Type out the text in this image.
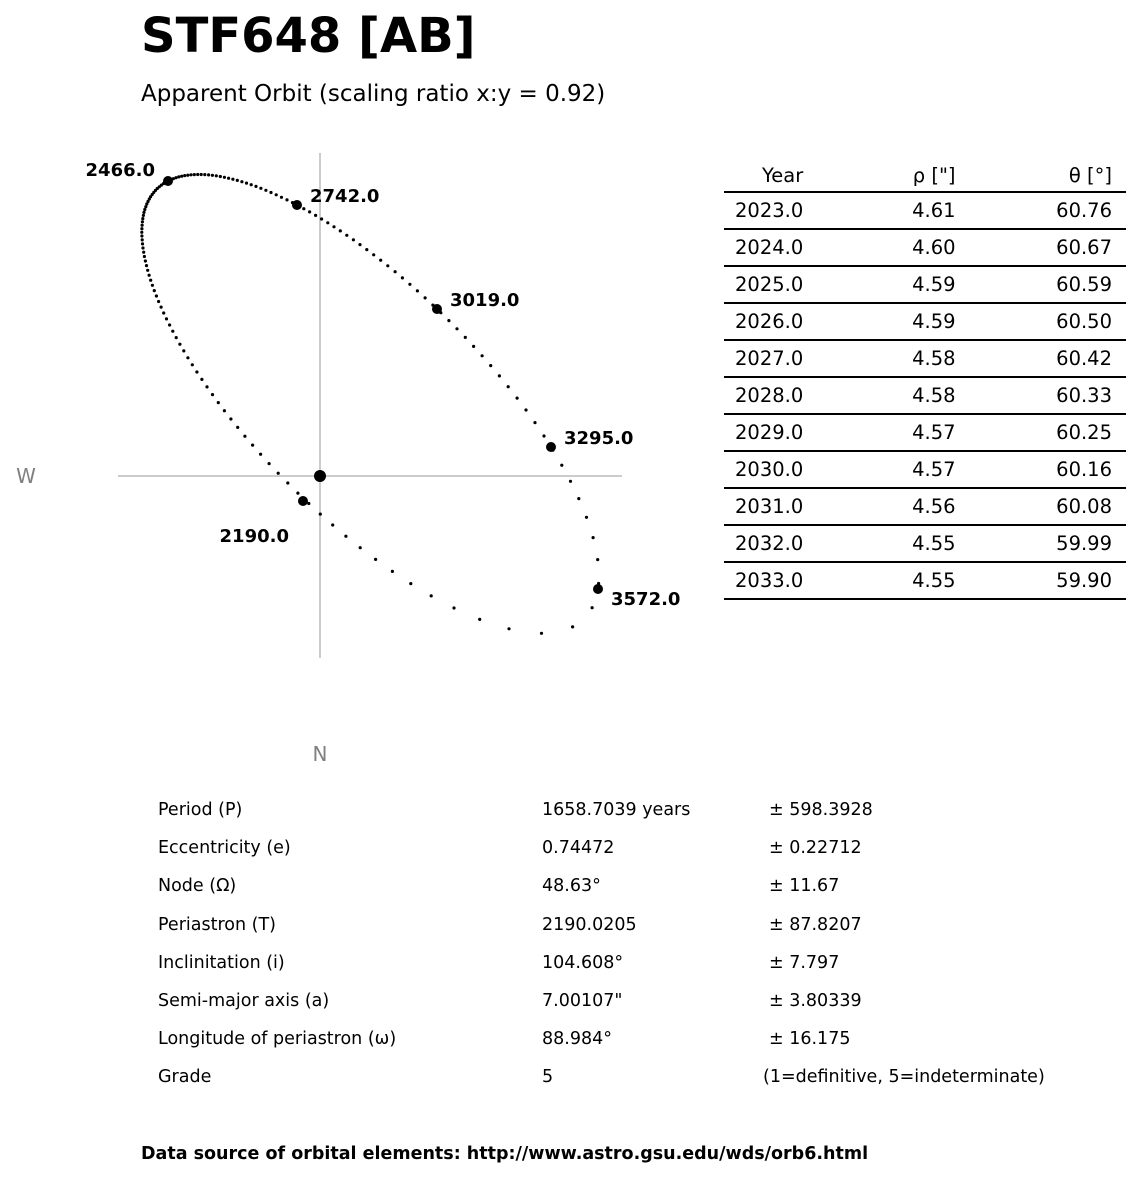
STF648 [AB]
Apparent Orbit (scaling ratio x:y = 0.92)
2190.0
2466.0
2742.0
3019.0
3295.0
3572.0
W
N
Year	ρ ["]	θ [°]
2023.0	4.61	60.76
2024.0	4.60	60.67
2025.0	4.59	60.59
2026.0	4.59	60.50
2027.0	4.58	60.42
2028.0	4.58	60.33
2029.0	4.57	60.25
2030.0	4.57	60.16
2031.0	4.56	60.08
2032.0	4.55	59.99
2033.0	4.55	59.90
Period (P)	1658.7039 years	± 598.3928
Eccentricity (e)	0.74472	± 0.22712
Node (Ω)	48.63°	± 11.67
Periastron (T)	2190.0205	± 87.8207
Inclinitation (i)	104.608°	± 7.797
Semi-major axis (a)	7.00107"	± 3.80339
Longitude of periastron (ω)	88.984°	± 16.175
Grade	5	(1=definitive, 5=indeterminate)
Data source of orbital elements: http://www.astro.gsu.edu/wds/orb6.html
